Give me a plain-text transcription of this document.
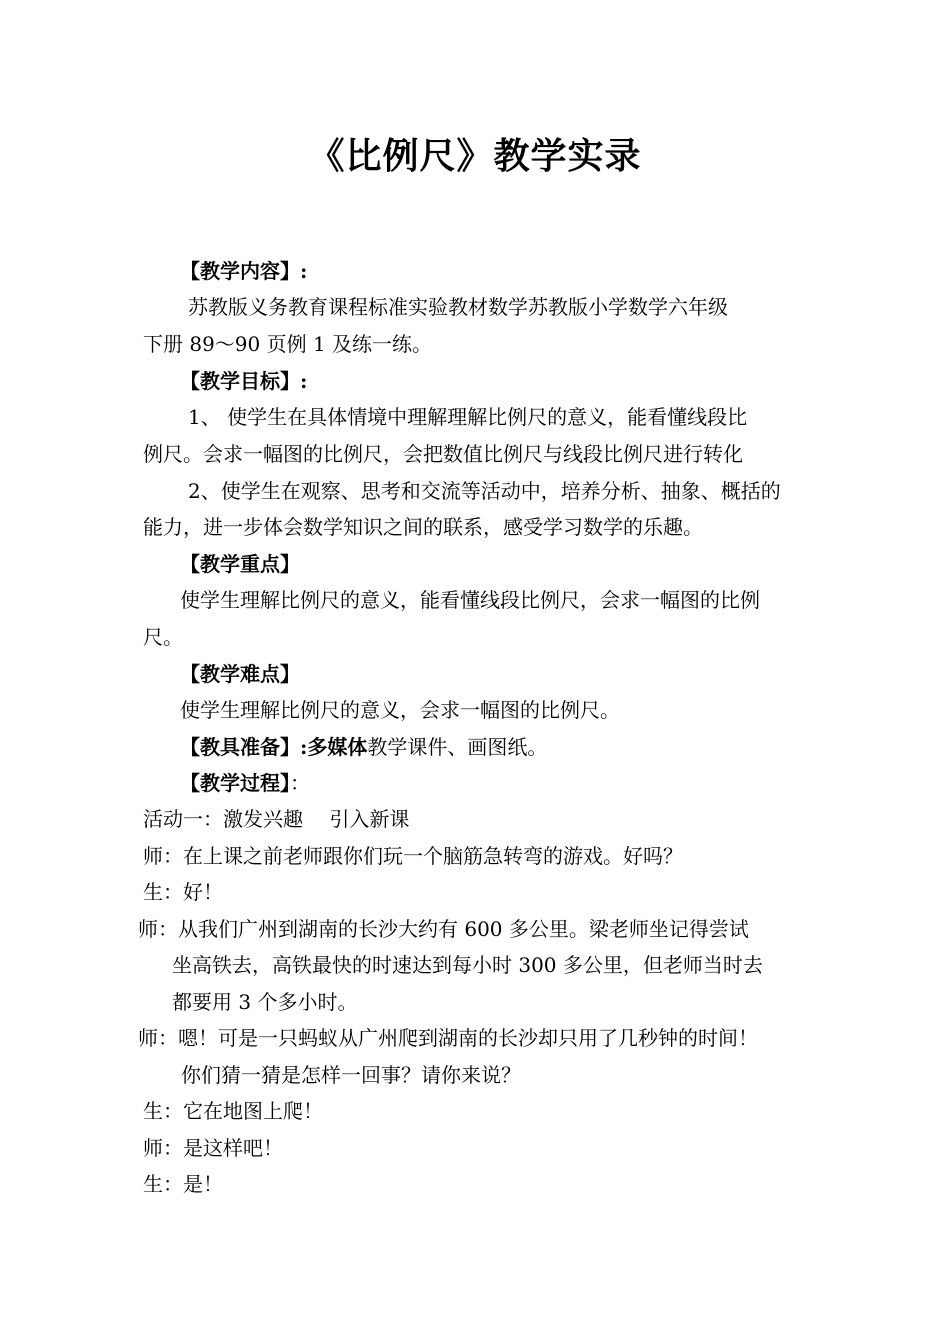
《比例尺》教学实录
【教学内容】:
苏教版义务教育课程标准实验教材数学苏教版小学数学六年级
下册 89～90 页例 1 及练一练。
【教学目标】:
1、 使学生在具体情境中理解理解比例尺的意义，能看懂线段比
例尺。会求一幅图的比例尺，会把数值比例尺与线段比例尺进行转化
2、使学生在观察、思考和交流等活动中，培养分析、抽象、概括的
能力，进一步体会数学知识之间的联系，感受学习数学的乐趣。
【教学重点】
使学生理解比例尺的意义，能看懂线段比例尺，会求一幅图的比例
尺。
【教学难点】
使学生理解比例尺的意义，会求一幅图的比例尺。
【教具准备】:多媒体教学课件、画图纸。
【教学过程】：
活动一：激发兴趣　 引入新课
师：在上课之前老师跟你们玩一个脑筋急转弯的游戏。好吗？
生：好！
师：从我们广州到湖南的长沙大约有 600 多公里。梁老师坐记得尝试
坐高铁去，高铁最快的时速达到每小时 300 多公里，但老师当时去
都要用 3 个多小时。
师：嗯！可是一只蚂蚁从广州爬到湖南的长沙却只用了几秒钟的时间！
你们猜一猜是怎样一回事？请你来说？
生：它在地图上爬！
师：是这样吧！
生：是！
